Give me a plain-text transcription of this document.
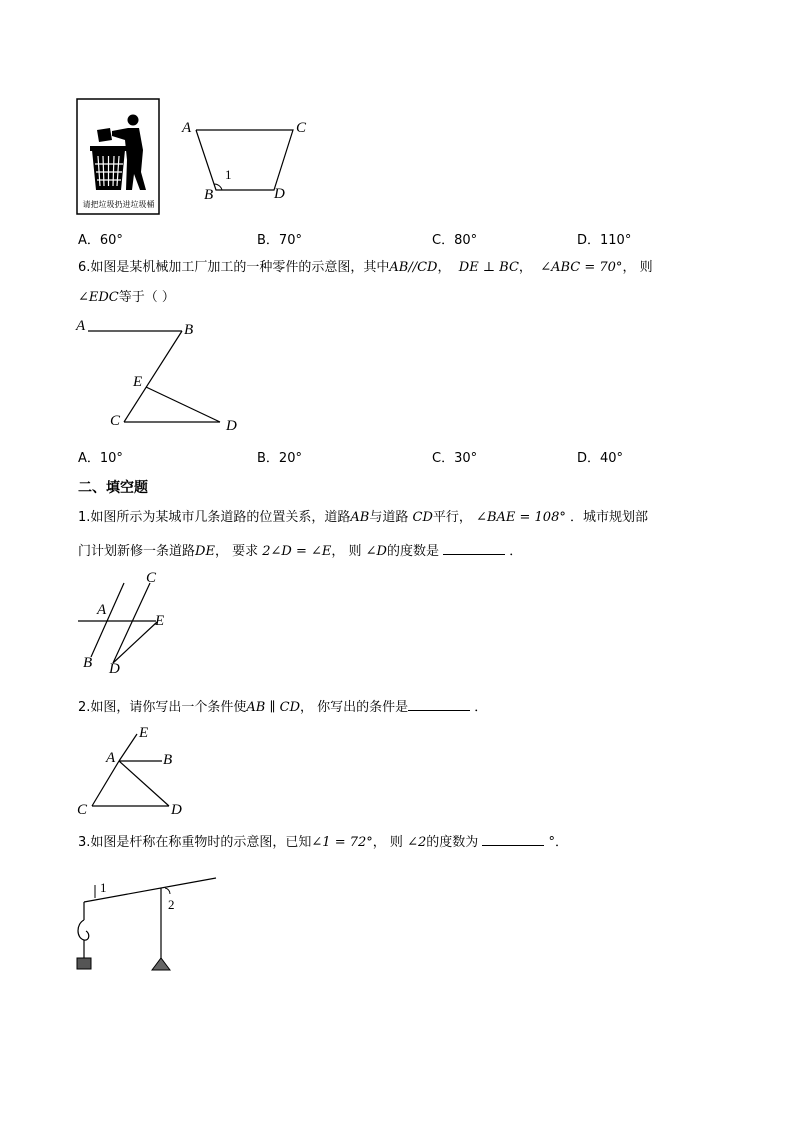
请把垃圾扔进垃圾桶
A	C
B	D
1
A．60°	B．70°	C．80°	D．110°
6.如图是某机械加工厂加工的一种零件的示意图，其中AB//CD， DE ⊥ BC， ∠ABC = 70°， 则
∠EDC等于（ ）
A	B
E
C	D
A．10°	B．20°	C．30°	D．40°
二、填空题
1.如图所示为某城市几条道路的位置关系，道路AB与道路 CD平行， ∠BAE = 108° ．城市规划部
门计划新修一条道路DE， 要求 2∠D = ∠E， 则 ∠D的度数是	．
C
A
E
B D
2.如图，请你写出一个条件使AB ∥ CD， 你写出的条件是	．
E
A	B
C	D
3.如图是杆称在称重物时的示意图，已知∠1 = 72°， 则 ∠2的度数为	°．
1
2
